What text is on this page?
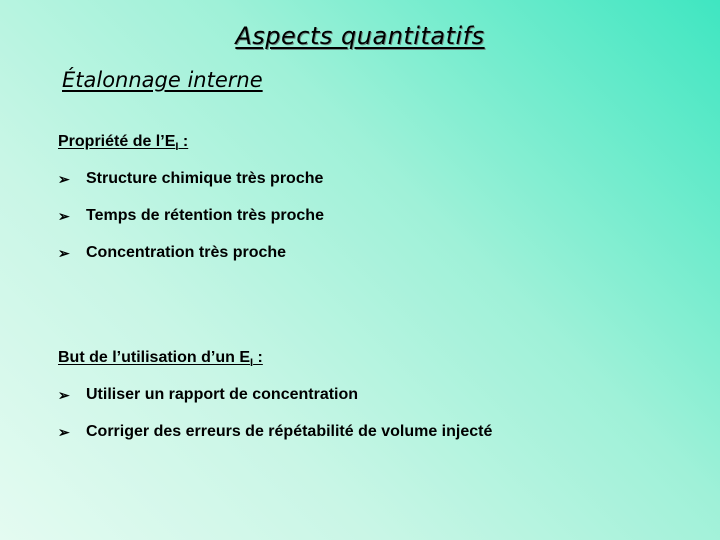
Aspects quantitatifs
Étalonnage interne
Propriété de $l’E_I$ :
➢	Structure chimique très proche
➢	Temps de rétention très proche
➢	Concentration très proche
But de l’utilisation d’un $E_I$ :
➢	Utiliser un rapport de concentration
➢	Corriger des erreurs de répétabilité de volume injecté
